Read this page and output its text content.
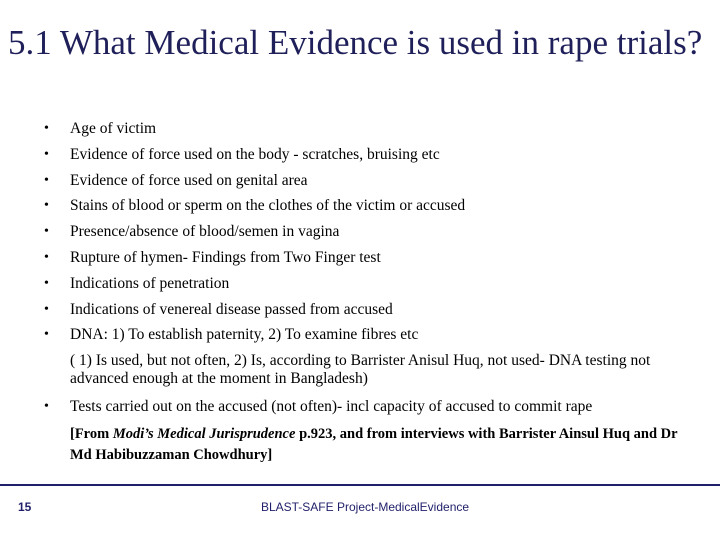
5.1 What Medical Evidence is used in rape trials?
• Age of victim
• Evidence of force used on the body - scratches, bruising etc
• Evidence of force used on genital area
• Stains of blood or sperm on the clothes of the victim or accused
• Presence/absence of blood/semen in vagina
• Rupture of hymen- Findings from Two Finger test
• Indications of penetration
• Indications of venereal disease passed from accused
• DNA: 1) To establish paternity, 2) To examine fibres etc
( 1) Is used, but not often, 2) Is, according to Barrister Anisul Huq, not used- DNA testing not advanced enough at the moment in Bangladesh)
• Tests carried out on the accused (not often)- incl capacity of accused to commit rape

[From Modi’s Medical Jurisprudence p.923, and from interviews with Barrister Ainsul Huq and Dr Md Habibuzzaman Chowdhury]

15	BLAST-SAFE Project-MedicalEvidence
